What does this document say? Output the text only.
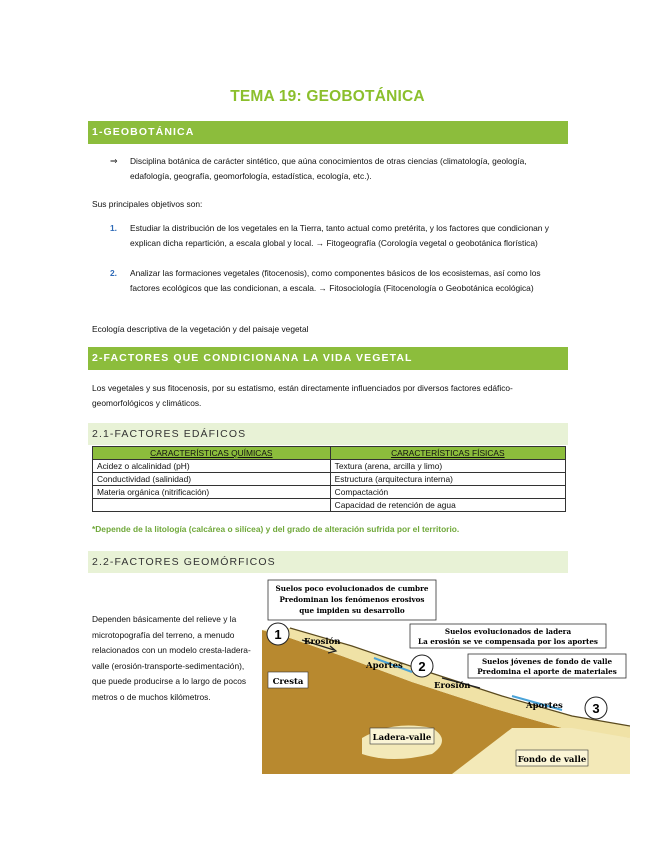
TEMA 19: GEOBOTÁNICA
1-GEOBOTÁNICA
⇒ Disciplina botánica de carácter sintético, que aúna conocimientos de otras ciencias (climatología, geología, edafología, geografía, geomorfología, estadística, ecología, etc.).
Sus principales objetivos son:
1. Estudiar la distribución de los vegetales en la Tierra, tanto actual como pretérita, y los factores que condicionan y explican dicha repartición, a escala global y local. → Fitogeografía (Corología vegetal o geobotánica florística)
2. Analizar las formaciones vegetales (fitocenosis), como componentes básicos de los ecosistemas, así como los factores ecológicos que las condicionan, a escala. → Fitosociología (Fitocenología o Geobotánica ecológica)
Ecología descriptiva de la vegetación y del paisaje vegetal
2-FACTORES QUE CONDICIONANA LA VIDA VEGETAL
Los vegetales y sus fitocenosis, por su estatismo, están directamente influenciados por diversos factores edáfico-geomorfológicos y climáticos.
2.1-FACTORES EDÁFICOS
CARACTERÍSTICAS QUÍMICAS	CARACTERÍSTICAS FÍSICAS
Acidez o alcalinidad (pH)	Textura (arena, arcilla y limo)
Conductividad (salinidad)	Estructura (arquitectura interna)
Materia orgánica (nitrificación)	Compactación
	Capacidad de retención de agua
*Depende de la litología (calcárea o silícea) y del grado de alteración sufrida por el territorio.
2.2-FACTORES GEOMÓRFICOS
Dependen básicamente del relieve y la microtopografía del terreno, a menudo relacionados con un modelo cresta-ladera-valle (erosión-transporte-sedimentación), que puede producirse a lo largo de pocos metros o de muchos kilómetros.
Suelos poco evolucionados de cumbre
Predominan los fenómenos erosivos
que impiden su desarrollo
Suelos evolucionados de ladera
La erosión se ve compensada por los aportes
Suelos jóvenes de fondo de valle
Predomina el aporte de materiales
1
2
3
Erosión
Aportes
Erosión
Aportes
Cresta
Ladera-valle
Fondo de valle
